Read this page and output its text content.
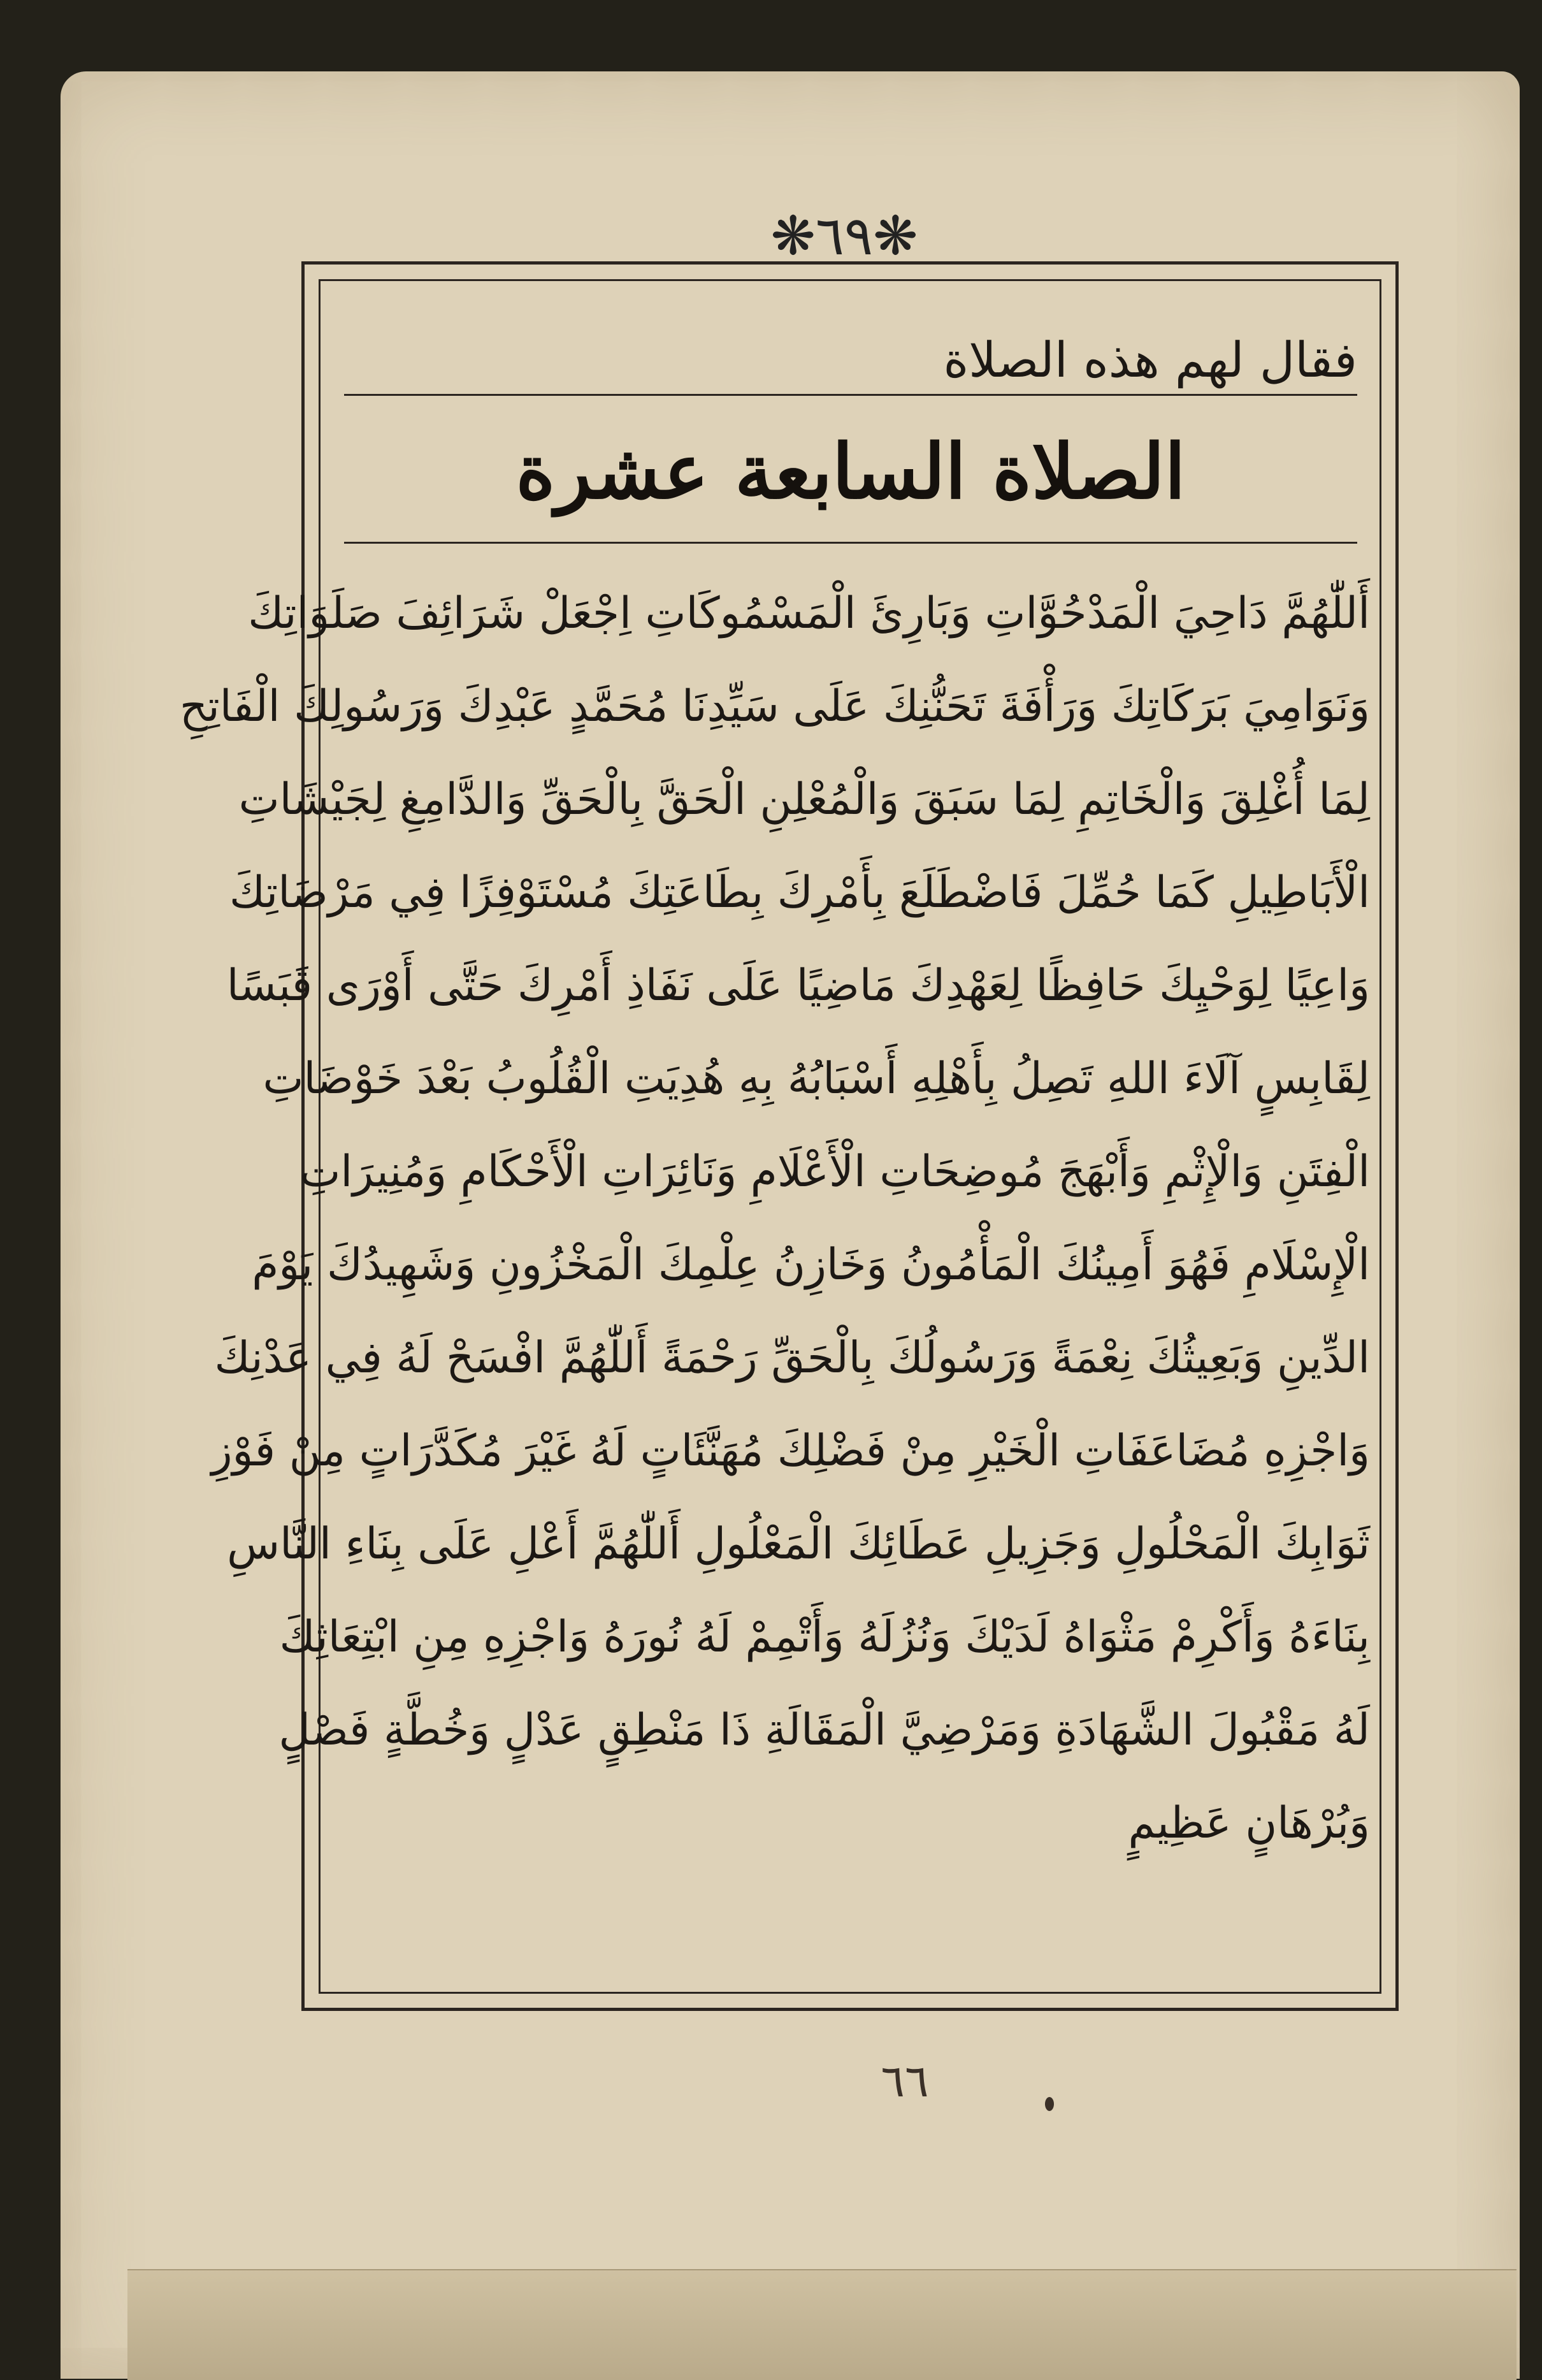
❋٦٩❋
فقال لهم هذه الصلاة
الصلاة السابعة عشرة
أَللّٰهُمَّ دَاحِيَ الْمَدْحُوَّاتِ وَبَارِئَ الْمَسْمُوكَاتِ اِجْعَلْ شَرَائِفَ صَلَوَاتِكَ
وَنَوَامِيَ بَرَكَاتِكَ وَرَأْفَةَ تَحَنُّنِكَ عَلَى سَيِّدِنَا مُحَمَّدٍ عَبْدِكَ وَرَسُولِكَ الْفَاتِحِ
لِمَا أُغْلِقَ وَالْخَاتِمِ لِمَا سَبَقَ وَالْمُعْلِنِ الْحَقَّ بِالْحَقِّ وَالدَّامِغِ لِجَيْشَاتِ
الْأَبَاطِيلِ كَمَا حُمِّلَ فَاضْطَلَعَ بِأَمْرِكَ بِطَاعَتِكَ مُسْتَوْفِزًا فِي مَرْضَاتِكَ
وَاعِيًا لِوَحْيِكَ حَافِظًا لِعَهْدِكَ مَاضِيًا عَلَى نَفَاذِ أَمْرِكَ حَتَّى أَوْرَى قَبَسًا
لِقَابِسٍ آلَاءَ اللهِ تَصِلُ بِأَهْلِهِ أَسْبَابُهُ بِهِ هُدِيَتِ الْقُلُوبُ بَعْدَ خَوْضَاتِ
الْفِتَنِ وَالْإِثْمِ وَأَبْهَجَ مُوضِحَاتِ الْأَعْلَامِ وَنَائِرَاتِ الْأَحْكَامِ وَمُنِيرَاتِ
الْإِسْلَامِ فَهُوَ أَمِينُكَ الْمَأْمُونُ وَخَازِنُ عِلْمِكَ الْمَخْزُونِ وَشَهِيدُكَ يَوْمَ
الدِّينِ وَبَعِيثُكَ نِعْمَةً وَرَسُولُكَ بِالْحَقِّ رَحْمَةً أَللّٰهُمَّ افْسَحْ لَهُ فِي عَدْنِكَ
وَاجْزِهِ مُضَاعَفَاتِ الْخَيْرِ مِنْ فَضْلِكَ مُهَنَّئَاتٍ لَهُ غَيْرَ مُكَدَّرَاتٍ مِنْ فَوْزِ
ثَوَابِكَ الْمَحْلُولِ وَجَزِيلِ عَطَائِكَ الْمَعْلُولِ أَللّٰهُمَّ أَعْلِ عَلَى بِنَاءِ النَّاسِ
بِنَاءَهُ وَأَكْرِمْ مَثْوَاهُ لَدَيْكَ وَنُزُلَهُ وَأَتْمِمْ لَهُ نُورَهُ وَاجْزِهِ مِنِ ابْتِعَاثِكَ
لَهُ مَقْبُولَ الشَّهَادَةِ وَمَرْضِيَّ الْمَقَالَةِ ذَا مَنْطِقٍ عَدْلٍ وَخُطَّةٍ فَصْلٍ
وَبُرْهَانٍ عَظِيمٍ
٦٦
